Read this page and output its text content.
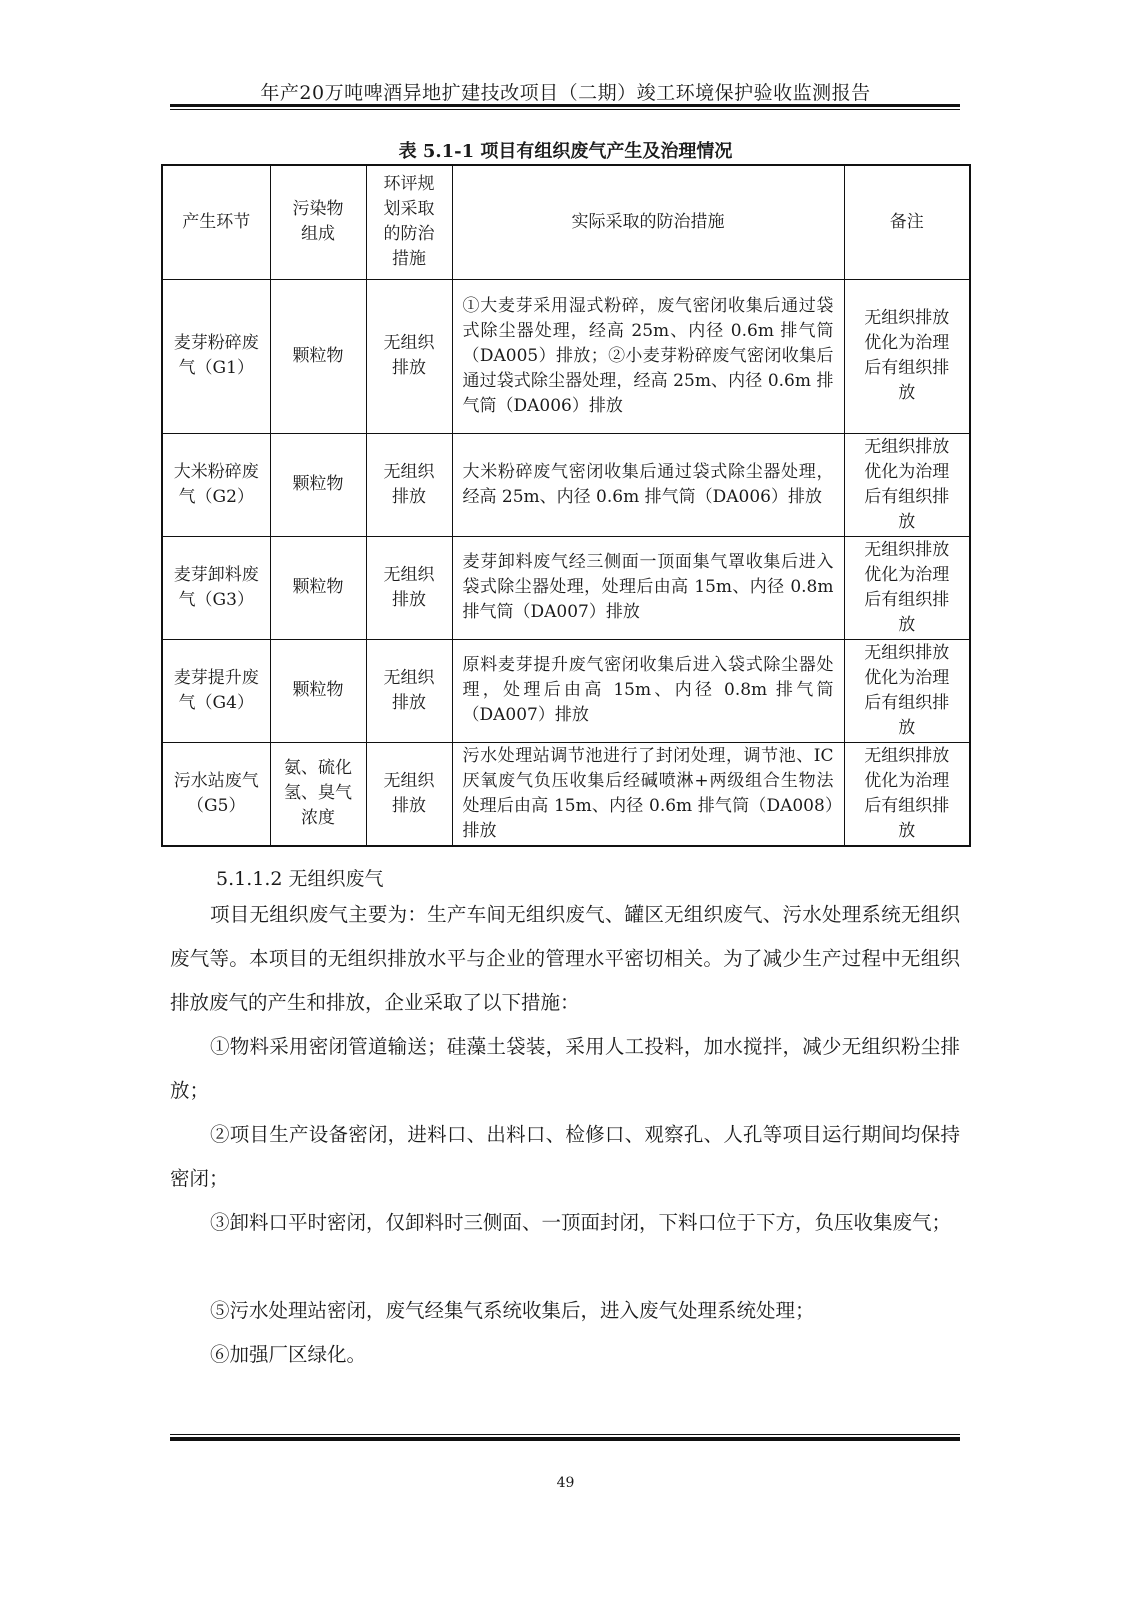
年产20万吨啤酒异地扩建技改项目（二期）竣工环境保护验收监测报告
表 5.1-1 项目有组织废气产生及治理情况
产生环节	污染物组成	环评规划采取的防治措施	实际采取的防治措施	备注
麦芽粉碎废气（G1）	颗粒物	无组织排放	①大麦芽采用湿式粉碎，废气密闭收集后通过袋式除尘器处理，经高 25m、内径 0.6m 排气筒（DA005）排放；②小麦芽粉碎废气密闭收集后通过袋式除尘器处理，经高 25m、内径 0.6m 排气筒（DA006）排放	无组织排放优化为治理后有组织排放
大米粉碎废气（G2）	颗粒物	无组织排放	大米粉碎废气密闭收集后通过袋式除尘器处理，经高 25m、内径 0.6m 排气筒（DA006）排放	无组织排放优化为治理后有组织排放
麦芽卸料废气（G3）	颗粒物	无组织排放	麦芽卸料废气经三侧面一顶面集气罩收集后进入袋式除尘器处理，处理后由高 15m、内径 0.8m 排气筒（DA007）排放	无组织排放优化为治理后有组织排放
麦芽提升废气（G4）	颗粒物	无组织排放	原料麦芽提升废气密闭收集后进入袋式除尘器处理，处理后由高 15m、内径 0.8m 排气筒（DA007）排放	无组织排放优化为治理后有组织排放
污水站废气（G5）	氨、硫化氢、臭气浓度	无组织排放	污水处理站调节池进行了封闭处理，调节池、IC 厌氧废气负压收集后经碱喷淋+两级组合生物法处理后由高 15m、内径 0.6m 排气筒（DA008）排放	无组织排放优化为治理后有组织排放
5.1.1.2 无组织废气
项目无组织废气主要为：生产车间无组织废气、罐区无组织废气、污水处理系统无组织废气等。本项目的无组织排放水平与企业的管理水平密切相关。为了减少生产过程中无组织排放废气的产生和排放，企业采取了以下措施：
①物料采用密闭管道输送；硅藻土袋装，采用人工投料，加水搅拌，减少无组织粉尘排放；
②项目生产设备密闭，进料口、出料口、检修口、观察孔、人孔等项目运行期间均保持密闭；
③卸料口平时密闭，仅卸料时三侧面、一顶面封闭，下料口位于下方，负压收集废气；
⑤污水处理站密闭，废气经集气系统收集后，进入废气处理系统处理；
⑥加强厂区绿化。
49
